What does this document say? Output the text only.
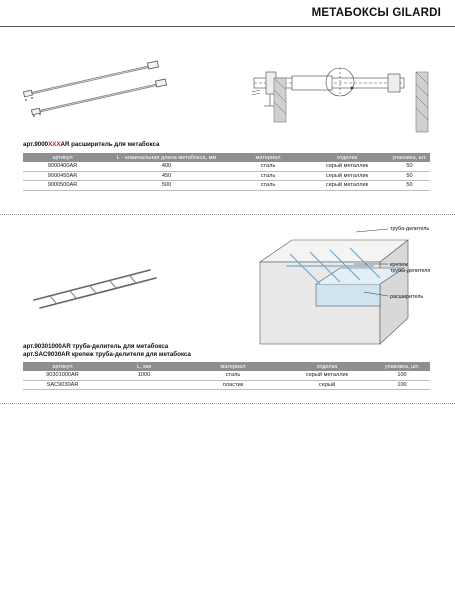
МЕТАБОКСЫ GILARDI
арт.9000XXXAR расширитель для метабокса
артикул	L - номинальная длина метабокса, мм	материал	отделка	упаковка, шт.
9000400AR	400	сталь	серый металлик	50
9000450AR	450	сталь	серый металлик	50
9000500AR	500	сталь	серый металлик	50
труба-делитель
крепеж
трубы-делителя
расширитель
арт.90301000AR труба-делитель для метабокса
арт.SAC9030AR крепеж труба-делителя для метабокса
артикул	L, мм	материал	отделка	упаковка, шт.
90301000AR	1000	сталь	серый металлик	100
SAC9030AR		пластик	серый	100
